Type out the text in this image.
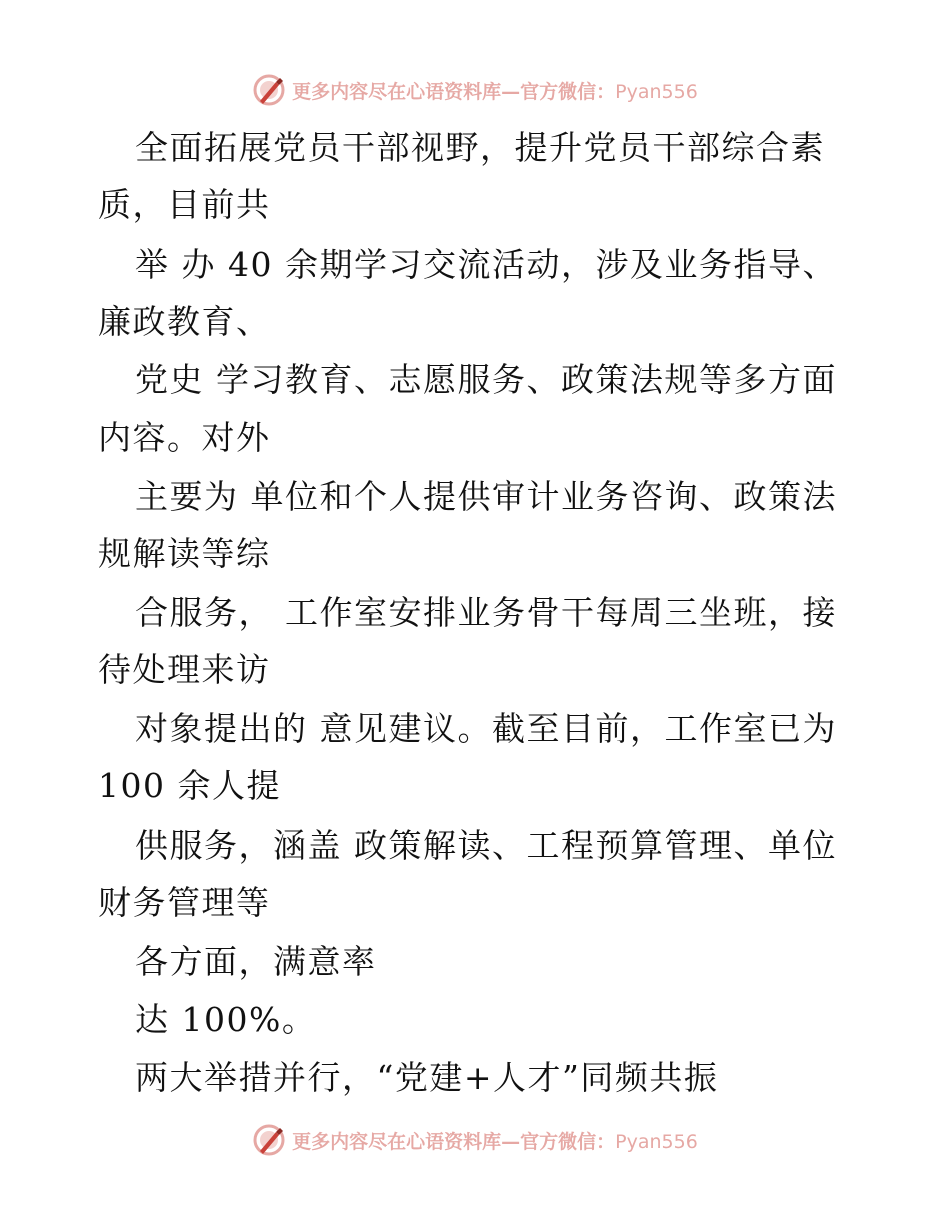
更多内容尽在心语资料库—官方微信：Pyan556
全面拓展党员干部视野，提升党员干部综合素
质，目前共
举 办 40 余期学习交流活动，涉及业务指导、
廉政教育、
党史 学习教育、志愿服务、政策法规等多方面
内容。对外
主要为 单位和个人提供审计业务咨询、政策法
规解读等综
合服务， 工作室安排业务骨干每周三坐班，接
待处理来访
对象提出的 意见建议。截至目前，工作室已为
100 余人提
供服务，涵盖 政策解读、工程预算管理、单位
财务管理等
各方面，满意率
达 100%。
两大举措并行，“党建+人才”同频共振
更多内容尽在心语资料库—官方微信：Pyan556
